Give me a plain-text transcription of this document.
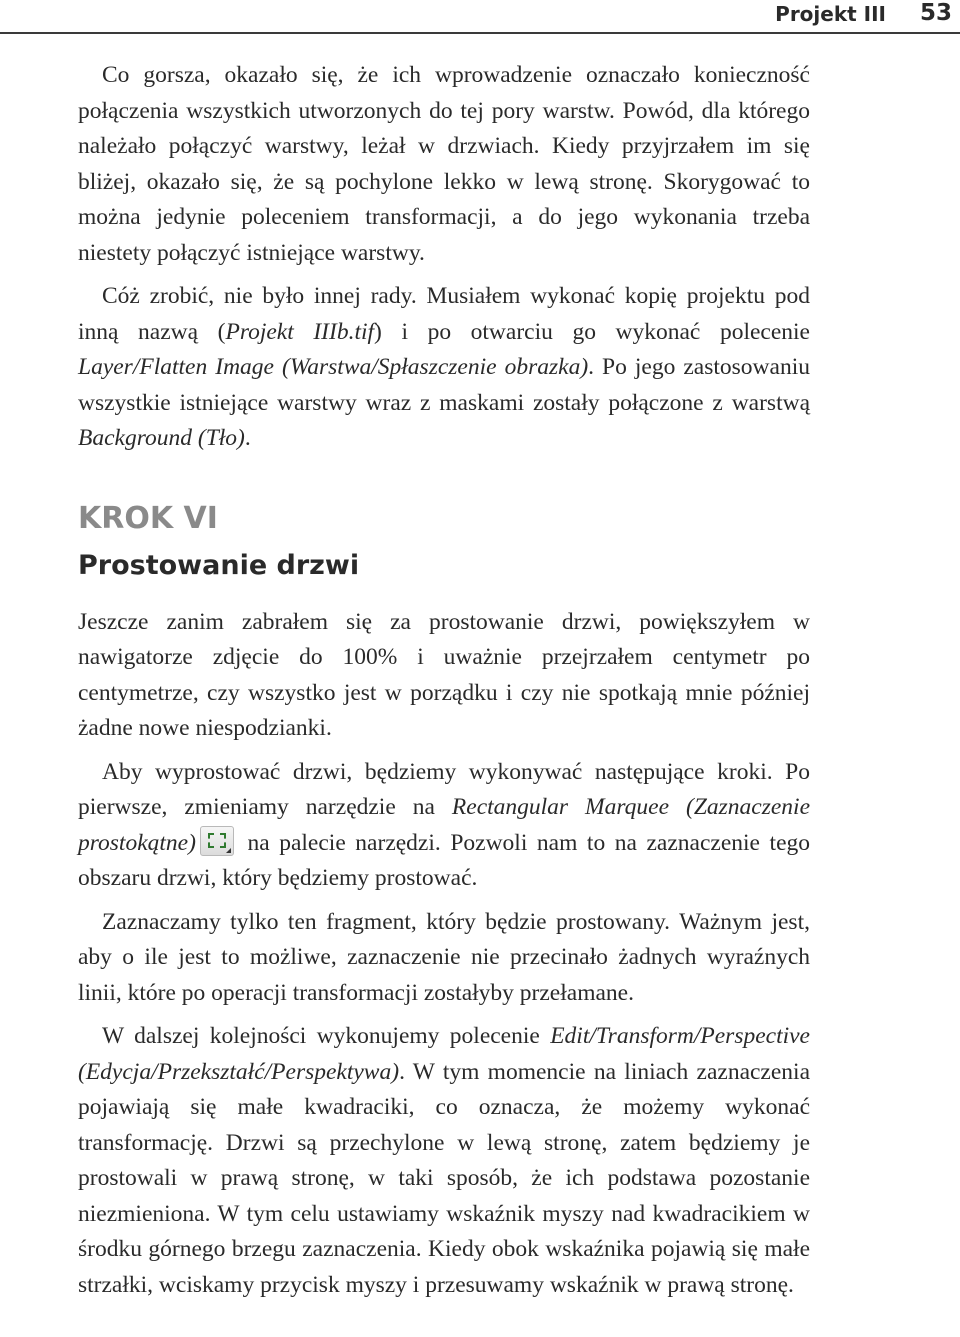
Projekt III 53

Co gorsza, okazało się, że ich wprowadzenie oznaczało konieczność połączenia wszystkich utworzonych do tej pory warstw. Powód, dla którego należało połączyć warstwy, leżał w drzwiach. Kiedy przyjrzałem im się bliżej, okazało się, że są pochylone lekko w lewą stronę. Skorygować to można jedynie poleceniem transformacji, a do jego wykonania trzeba niestety połączyć istniejące warstwy.

Cóż zrobić, nie było innej rady. Musiałem wykonać kopię projektu pod inną nazwą (Projekt IIIb.tif) i po otwarciu go wykonać polecenie Layer/Flatten Image (Warstwa/Spłaszczenie obrazka). Po jego zastosowaniu wszystkie istniejące warstwy wraz z maskami zostały połączone z warstwą Background (Tło).

KROK VI
Prostowanie drzwi

Jeszcze zanim zabrałem się za prostowanie drzwi, powiększyłem w nawigatorze zdjęcie do 100% i uważnie przejrzałem centymetr po centymetrze, czy wszystko jest w porządku i czy nie spotkają mnie później żadne nowe niespodzianki.

Aby wyprostować drzwi, będziemy wykonywać następujące kroki. Po pierwsze, zmieniamy narzędzie na Rectangular Marquee (Zaznaczenie prostokątne)
na palecie narzędzi. Pozwoli nam to na zaznaczenie tego obszaru drzwi, który będziemy prostować.

Zaznaczamy tylko ten fragment, który będzie prostowany. Ważnym jest, aby o ile jest to możliwe, zaznaczenie nie przecinało żadnych wyraźnych linii, które po operacji transformacji zostałyby przełamane.

W dalszej kolejności wykonujemy polecenie Edit/Transform/Perspective (Edycja/Przekształć/Perspektywa). W tym momencie na liniach zaznaczenia pojawiają się małe kwadraciki, co oznacza, że możemy wykonać transformację. Drzwi są przechylone w lewą stronę, zatem będziemy je prostowali w prawą stronę, w taki sposób, że ich podstawa pozostanie niezmieniona. W tym celu ustawiamy wskaźnik myszy nad kwadracikiem w środku górnego brzegu zaznaczenia. Kiedy obok wskaźnika pojawią się małe strzałki, wciskamy przycisk myszy i przesuwamy wskaźnik w prawą stronę.
